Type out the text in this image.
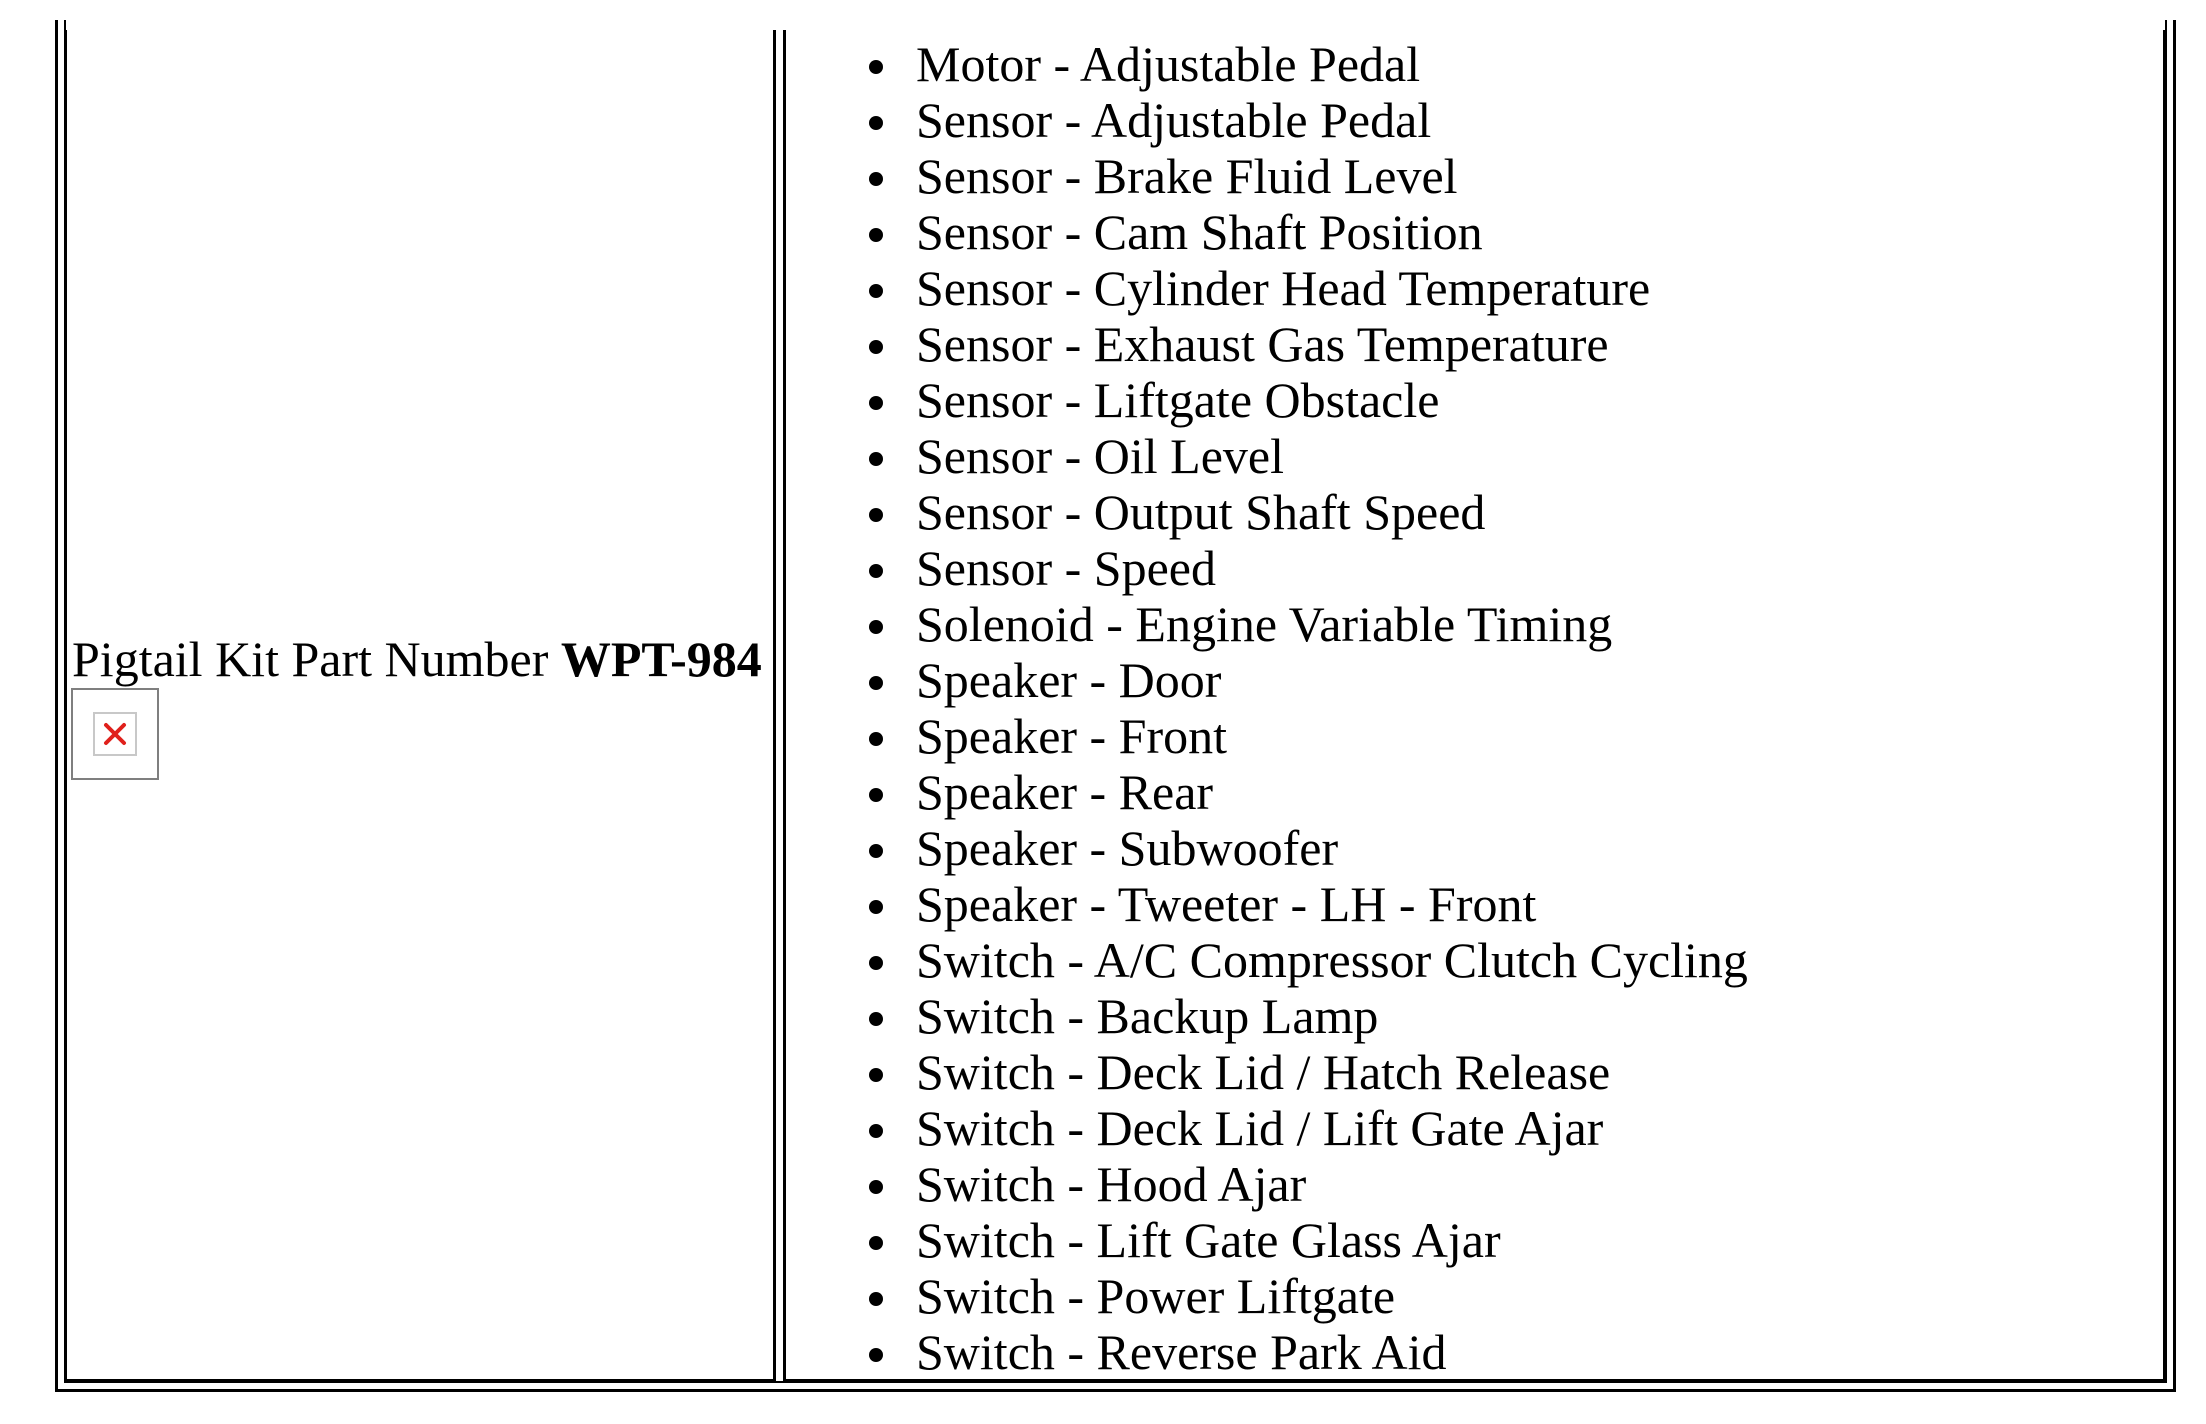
Pigtail Kit Part Number WPT-984
Motor - Adjustable Pedal
Sensor - Adjustable Pedal
Sensor - Brake Fluid Level
Sensor - Cam Shaft Position
Sensor - Cylinder Head Temperature
Sensor - Exhaust Gas Temperature
Sensor - Liftgate Obstacle
Sensor - Oil Level
Sensor - Output Shaft Speed
Sensor - Speed
Solenoid - Engine Variable Timing
Speaker - Door
Speaker - Front
Speaker - Rear
Speaker - Subwoofer
Speaker - Tweeter - LH - Front
Switch - A/C Compressor Clutch Cycling
Switch - Backup Lamp
Switch - Deck Lid / Hatch Release
Switch - Deck Lid / Lift Gate Ajar
Switch - Hood Ajar
Switch - Lift Gate Glass Ajar
Switch - Power Liftgate
Switch - Reverse Park Aid
